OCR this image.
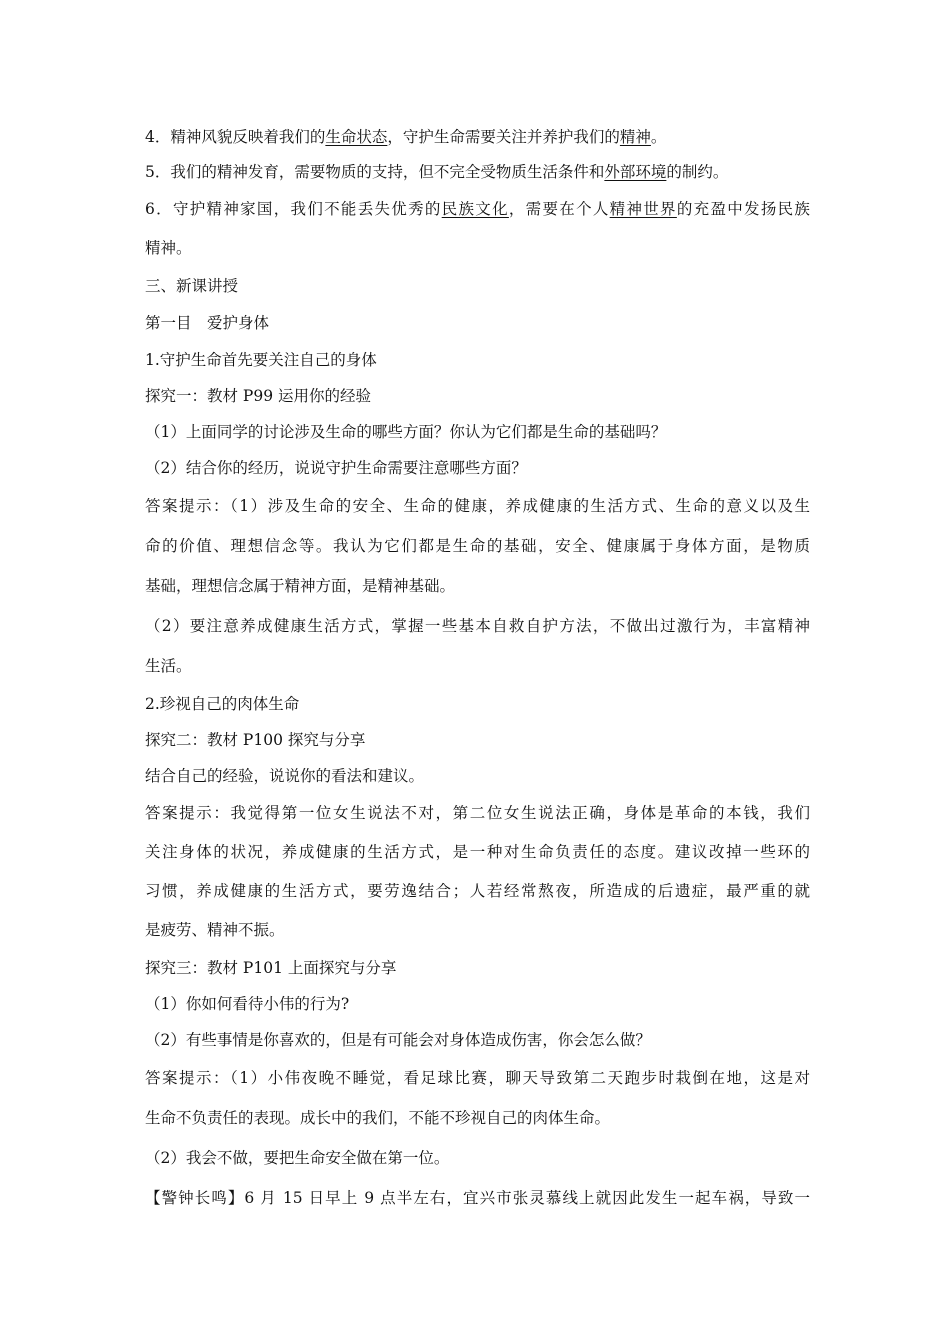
4．精神风貌反映着我们的生命状态，守护生命需要关注并养护我们的精神。

5．我们的精神发育，需要物质的支持，但不完全受物质生活条件和外部环境的制约。

6．守护精神家国，我们不能丢失优秀的民族文化，需要在个人精神世界的充盈中发扬民族

精神。

三、新课讲授

第一目　爱护身体

1.守护生命首先要关注自己的身体

探究一：教材 P99 运用你的经验

（1）上面同学的讨论涉及生命的哪些方面？你认为它们都是生命的基础吗？

（2）结合你的经历，说说守护生命需要注意哪些方面？

答案提示：（1）涉及生命的安全、生命的健康，养成健康的生活方式、生命的意义以及生

命的价值、理想信念等。我认为它们都是生命的基础，安全、健康属于身体方面，是物质

基础，理想信念属于精神方面，是精神基础。

（2）要注意养成健康生活方式，掌握一些基本自救自护方法，不做出过激行为，丰富精神

生活。

2.珍视自己的肉体生命

探究二：教材 P100 探究与分享

结合自己的经验，说说你的看法和建议。

答案提示：我觉得第一位女生说法不对，第二位女生说法正确，身体是革命的本钱，我们

关注身体的状况，养成健康的生活方式，是一种对生命负责任的态度。建议改掉一些环的

习惯，养成健康的生活方式，要劳逸结合；人若经常熬夜，所造成的后遗症，最严重的就

是疲劳、精神不振。

探究三：教材 P101 上面探究与分享

（1）你如何看待小伟的行为?

（2）有些事情是你喜欢的，但是有可能会对身体造成伤害，你会怎么做？

答案提示：（1）小伟夜晚不睡觉，看足球比赛，聊天导致第二天跑步时栽倒在地，这是对

生命不负责任的表现。成长中的我们，不能不珍视自己的肉体生命。

（2）我会不做，要把生命安全做在第一位。

【警钟长鸣】6 月 15 日早上 9 点半左右，宜兴市张灵慕线上就因此发生一起车祸，导致一
